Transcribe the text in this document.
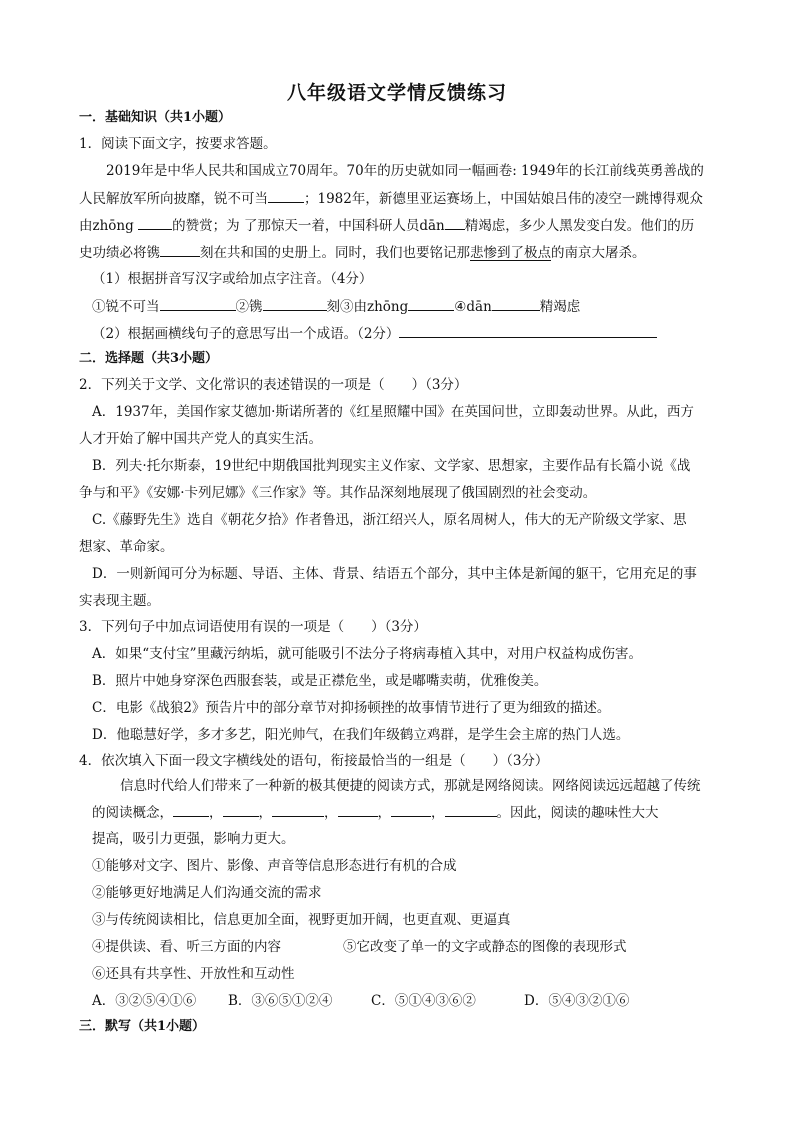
八年级语文学情反馈练习
一．基础知识（共1小题）
1．阅读下面文字，按要求答题。
2019年是中华人民共和国成立70周年。70年的历史就如同一幅画卷: 1949年的长江前线英勇善战的
人民解放军所向披靡，锐不可当	；1982年，新德里亚运赛场上，中国姑娘吕伟的凌空一跳博得观众
由zhōng	的赞赏；为 了那惊天一着，中国科研人员dān 精竭虑，多少人黑发变白发。他们的历
史功绩必将镌	刻在共和国的史册上。同时，我们也要铭记那悲惨到了极点的南京大屠杀。
（1）根据拼音写汉字或给加点字注音。（4分）
①锐不可当	②镌	刻③由zhōng	④dān	精竭虑
（2）根据画横线句子的意思写出一个成语。（2分）
二．选择题（共3小题）
2．下列关于文学、文化常识的表述错误的一项是（　　）（3分）
A．1937年，美国作家艾德加·斯诺所著的《红星照耀中国》在英国问世，立即轰动世界。从此，西方
人才开始了解中国共产党人的真实生活。
B．列夫·托尔斯泰，19世纪中期俄国批判现实主义作家、文学家、思想家，主要作品有长篇小说《战
争与和平》《安娜·卡列尼娜》《三作家》等。其作品深刻地展现了俄国剧烈的社会变动。
C.《藤野先生》选自《朝花夕拾》作者鲁迅，浙江绍兴人，原名周树人，伟大的无产阶级文学家、思
想家、革命家。
D．一则新闻可分为标题、导语、主体、背景、结语五个部分，其中主体是新闻的躯干，它用充足的事
实表现主题。
3．下列句子中加点词语使用有误的一项是（　　）（3分）
A．如果“支付宝”里藏污纳垢，就可能吸引不法分子将病毒植入其中，对用户权益构成伤害。
B．照片中她身穿深色西服套装，或是正襟危坐，或是嘟嘴卖萌，优雅俊美。
C．电影《战狼2》预告片中的部分章节对抑扬顿挫的故事情节进行了更为细致的描述。
D．他聪慧好学，多才多艺，阳光帅气，在我们年级鹤立鸡群，是学生会主席的热门人选。
4．依次填入下面一段文字横线处的语句，衔接最恰当的一组是（　　）（3分）
信息时代给人们带来了一种新的极其便捷的阅读方式，那就是网络阅读。网络阅读远远超越了传统
的阅读概念，	，	，	，	，	，	。因此，阅读的趣味性大大
提高，吸引力更强，影响力更大。
①能够对文字、图片、影像、声音等信息形态进行有机的合成
②能够更好地满足人们沟通交流的需求
③与传统阅读相比，信息更加全面，视野更加开阔，也更直观、更逼真
④提供读、看、听三方面的内容	⑤它改变了单一的文字或静态的图像的表现形式
⑥还具有共享性、开放性和互动性
A．③②⑤④①⑥ B．③⑥⑤①②④	C．⑤①④③⑥②	D．⑤④③②①⑥
三．默写（共1小题）
